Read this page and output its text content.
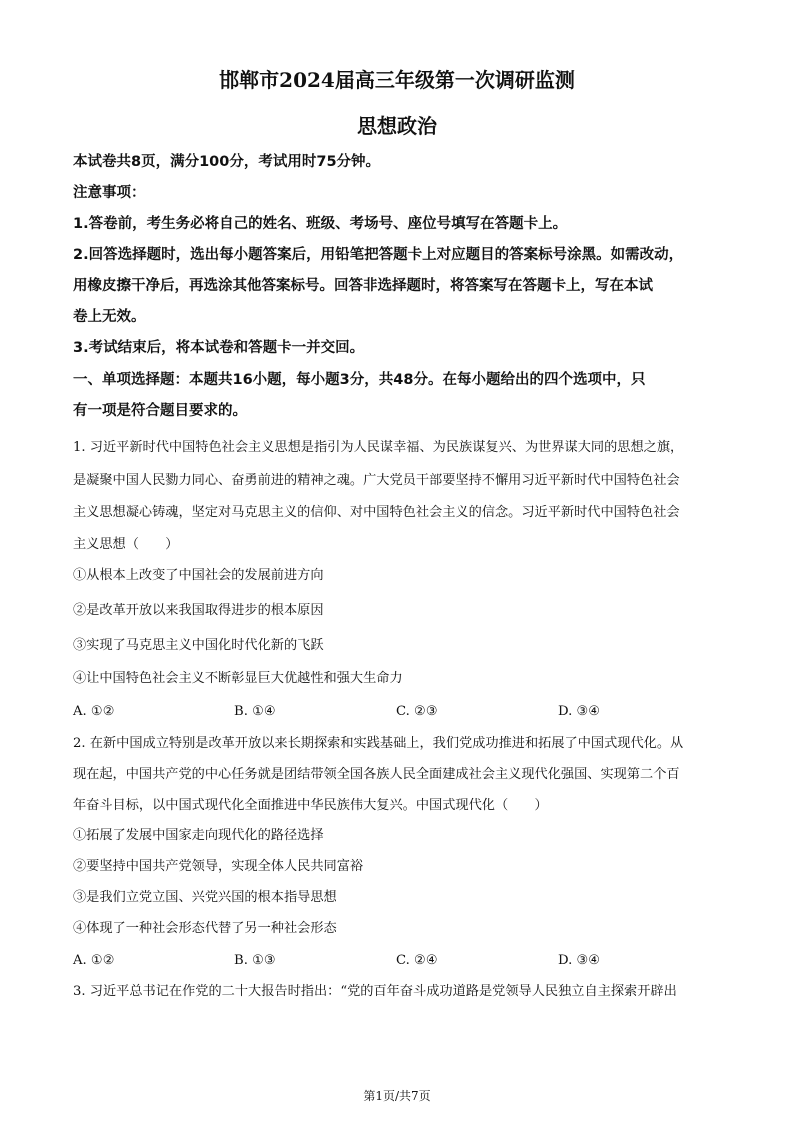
邯郸市2024届高三年级第一次调研监测
思想政治
本试卷共8页，满分100分，考试用时75分钟。
注意事项：
1.答卷前，考生务必将自己的姓名、班级、考场号、座位号填写在答题卡上。
2.回答选择题时，选出每小题答案后，用铅笔把答题卡上对应题目的答案标号涂黑。如需改动，
用橡皮擦干净后，再选涂其他答案标号。回答非选择题时，将答案写在答题卡上，写在本试
卷上无效。
3.考试结束后，将本试卷和答题卡一并交回。
一、单项选择题：本题共16小题，每小题3分，共48分。在每小题给出的四个选项中，只
有一项是符合题目要求的。
1. 习近平新时代中国特色社会主义思想是指引为人民谋幸福、为民族谋复兴、为世界谋大同的思想之旗，
是凝聚中国人民勠力同心、奋勇前进的精神之魂。广大党员干部要坚持不懈用习近平新时代中国特色社会
主义思想凝心铸魂，坚定对马克思主义的信仰、对中国特色社会主义的信念。习近平新时代中国特色社会
主义思想（　　）
①从根本上改变了中国社会的发展前进方向
②是改革开放以来我国取得进步的根本原因
③实现了马克思主义中国化时代化新的飞跃
④让中国特色社会主义不断彰显巨大优越性和强大生命力
A. ①②	B. ①④	C. ②③	D. ③④
2. 在新中国成立特别是改革开放以来长期探索和实践基础上，我们党成功推进和拓展了中国式现代化。从
现在起，中国共产党的中心任务就是团结带领全国各族人民全面建成社会主义现代化强国、实现第二个百
年奋斗目标，以中国式现代化全面推进中华民族伟大复兴。中国式现代化（　　）
①拓展了发展中国家走向现代化的路径选择
②要坚持中国共产党领导，实现全体人民共同富裕
③是我们立党立国、兴党兴国的根本指导思想
④体现了一种社会形态代替了另一种社会形态
A. ①②	B. ①③	C. ②④	D. ③④
3. 习近平总书记在作党的二十大报告时指出：“党的百年奋斗成功道路是党领导人民独立自主探索开辟出
第1页/共7页
